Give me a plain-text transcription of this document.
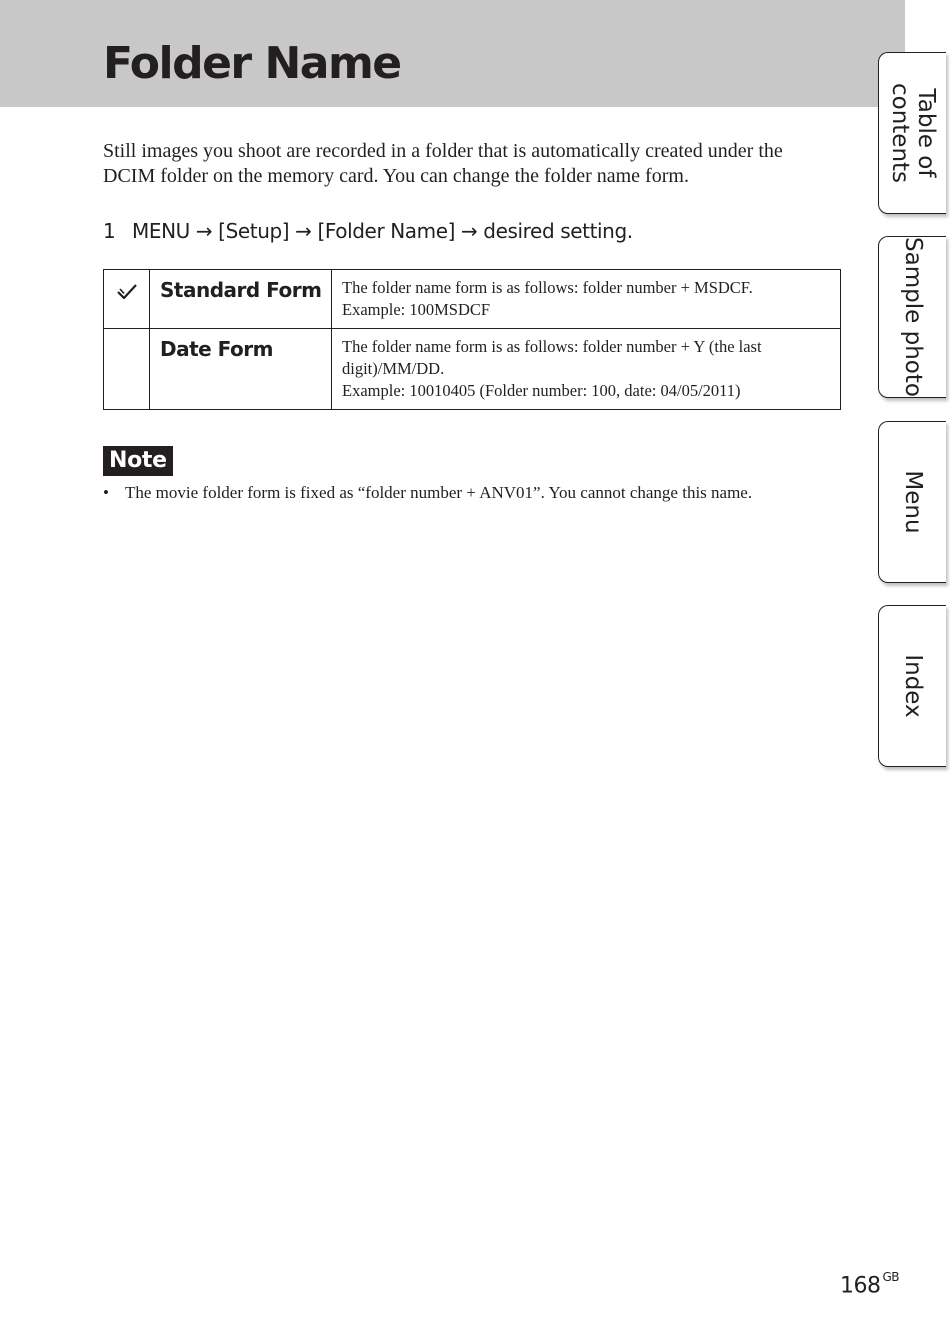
Folder Name

Still images you shoot are recorded in a folder that is automatically created under the DCIM folder on the memory card. You can change the folder name form.

1 MENU → [Setup] → [Folder Name] → desired setting.

Standard Form	The folder name form is as follows: folder number + MSDCF.
Example: 100MSDCF

	Date Form	The folder name form is as follows: folder number + Y (the last digit)/MM/DD.
Example: 10010405 (Folder number: 100, date: 04/05/2011)
Note
• The movie folder form is fixed as “folder number + ANV01”. You cannot change this name.
Table of
contents
Sample photo
Menu
Index
168 $^{GB}$
